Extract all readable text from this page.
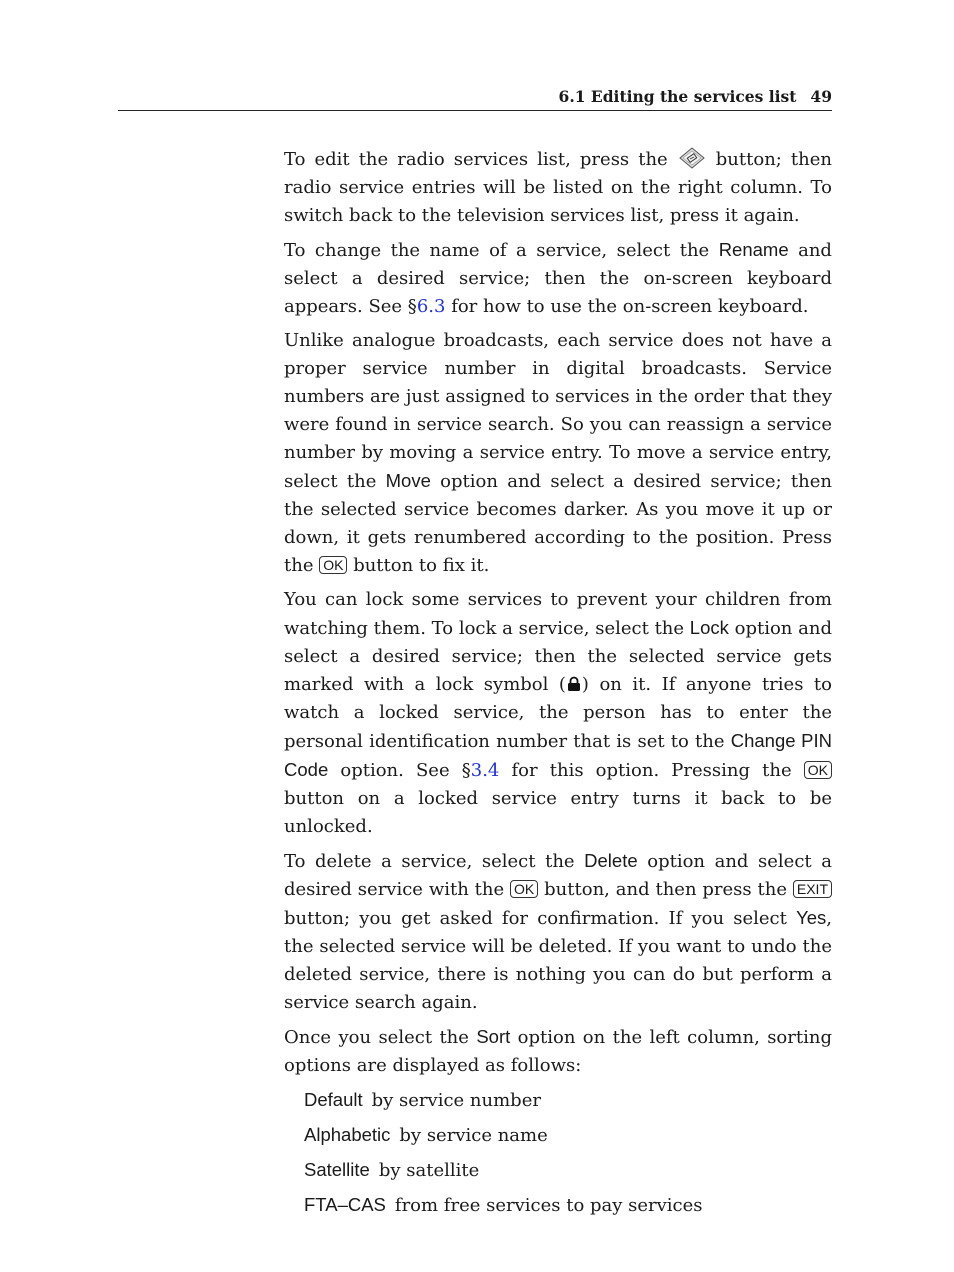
6.1 Editing the services list 49

To edit the radio services list, press the	button; then radio service entries will be listed on the right column. To switch back to the television services list, press it again.

To change the name of a service, select the Rename and select a desired service; then the on-screen keyboard appears. See §6.3 for how to use the on-screen keyboard.

Unlike analogue broadcasts, each service does not have a proper service number in digital broadcasts. Service numbers are just assigned to services in the order that they were found in service search. So you can reassign a service number by moving a service entry. To move a service entry, select the Move option and select a desired service; then the selected service becomes darker. As you move it up or down, it gets renumbered according to the position. Press the OK button to fix it.

You can lock some services to prevent your children from watching them. To lock a service, select the Lock option and select a desired service; then the selected service gets marked with a lock symbol ( ) on it. If anyone tries to watch a locked service, the person has to enter the personal identification number that is set to the Change PIN Code option. See §3.4 for this option. Pressing the OK button on a locked service entry turns it back to be unlocked.

To delete a service, select the Delete option and select a desired service with the OK button, and then press the EXIT button; you get asked for confirmation. If you select Yes, the selected service will be deleted. If you want to undo the deleted service, there is nothing you can do but perform a service search again.

Once you select the Sort option on the left column, sorting options are displayed as follows:

Default by service number
Alphabetic by service name
Satellite by satellite
FTA–CAS from free services to pay services
